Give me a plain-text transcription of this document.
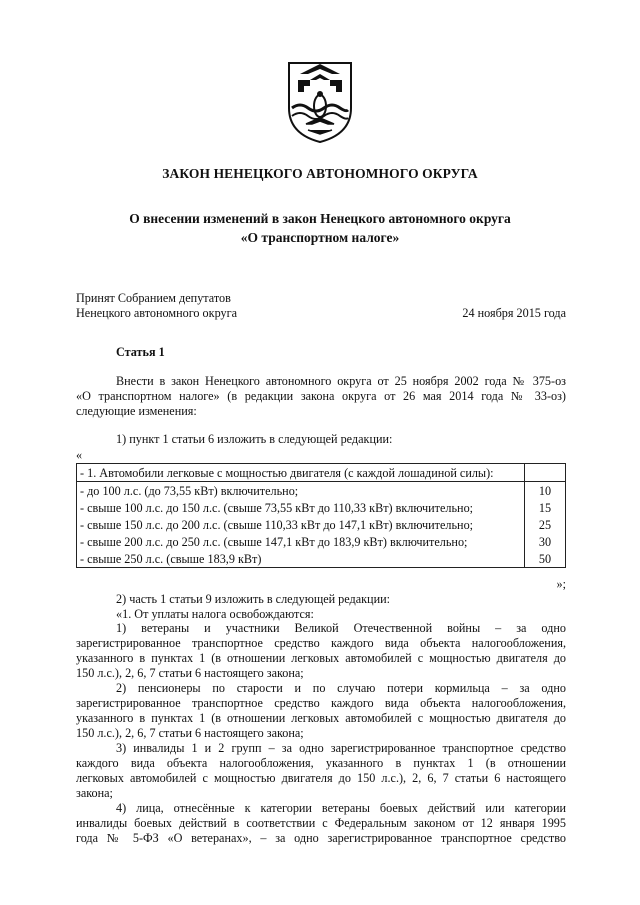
ЗАКОН НЕНЕЦКОГО АВТОНОМНОГО ОКРУГА
О внесении изменений в закон Ненецкого автономного округа
«О транспортном налоге»
Принят Собранием депутатов
Ненецкого автономного округа	24 ноября 2015 года
Статья 1
Внести в закон Ненецкого автономного округа от 25 ноября 2002 года № 375-оз
«О транспортном налоге» (в редакции закона округа от 26 мая 2014 года № 33-оз)
следующие изменения:
1) пункт 1 статьи 6 изложить в следующей редакции:
«
- 1. Автомобили легковые с мощностью двигателя (с каждой лошадиной силы):	
- до 100 л.с. (до 73,55 кВт) включительно;	10
- свыше 100 л.с. до 150 л.с. (свыше 73,55 кВт до 110,33 кВт) включительно;	15
- свыше 150 л.с. до 200 л.с. (свыше 110,33 кВт до 147,1 кВт) включительно;	25
- свыше 200 л.с. до 250 л.с. (свыше 147,1 кВт до 183,9 кВт) включительно;	30
- свыше 250 л.с. (свыше 183,9 кВт)	50
»;
2) часть 1 статьи 9 изложить в следующей редакции:
«1. От уплаты налога освобождаются:
1) ветераны и участники Великой Отечественной войны – за одно
зарегистрированное транспортное средство каждого вида объекта налогообложения,
указанного в пунктах 1 (в отношении легковых автомобилей с мощностью двигателя до
150 л.с.), 2, 6, 7 статьи 6 настоящего закона;
2) пенсионеры по старости и по случаю потери кормильца – за одно
зарегистрированное транспортное средство каждого вида объекта налогообложения,
указанного в пунктах 1 (в отношении легковых автомобилей с мощностью двигателя до
150 л.с.), 2, 6, 7 статьи 6 настоящего закона;
3) инвалиды 1 и 2 групп – за одно зарегистрированное транспортное средство
каждого вида объекта налогообложения, указанного в пунктах 1 (в отношении
легковых автомобилей с мощностью двигателя до 150 л.с.), 2, 6, 7 статьи 6 настоящего
закона;
4) лица, отнесённые к категории ветераны боевых действий или категории
инвалиды боевых действий в соответствии с Федеральным законом от 12 января 1995
года № 5-ФЗ «О ветеранах», – за одно зарегистрированное транспортное средство
